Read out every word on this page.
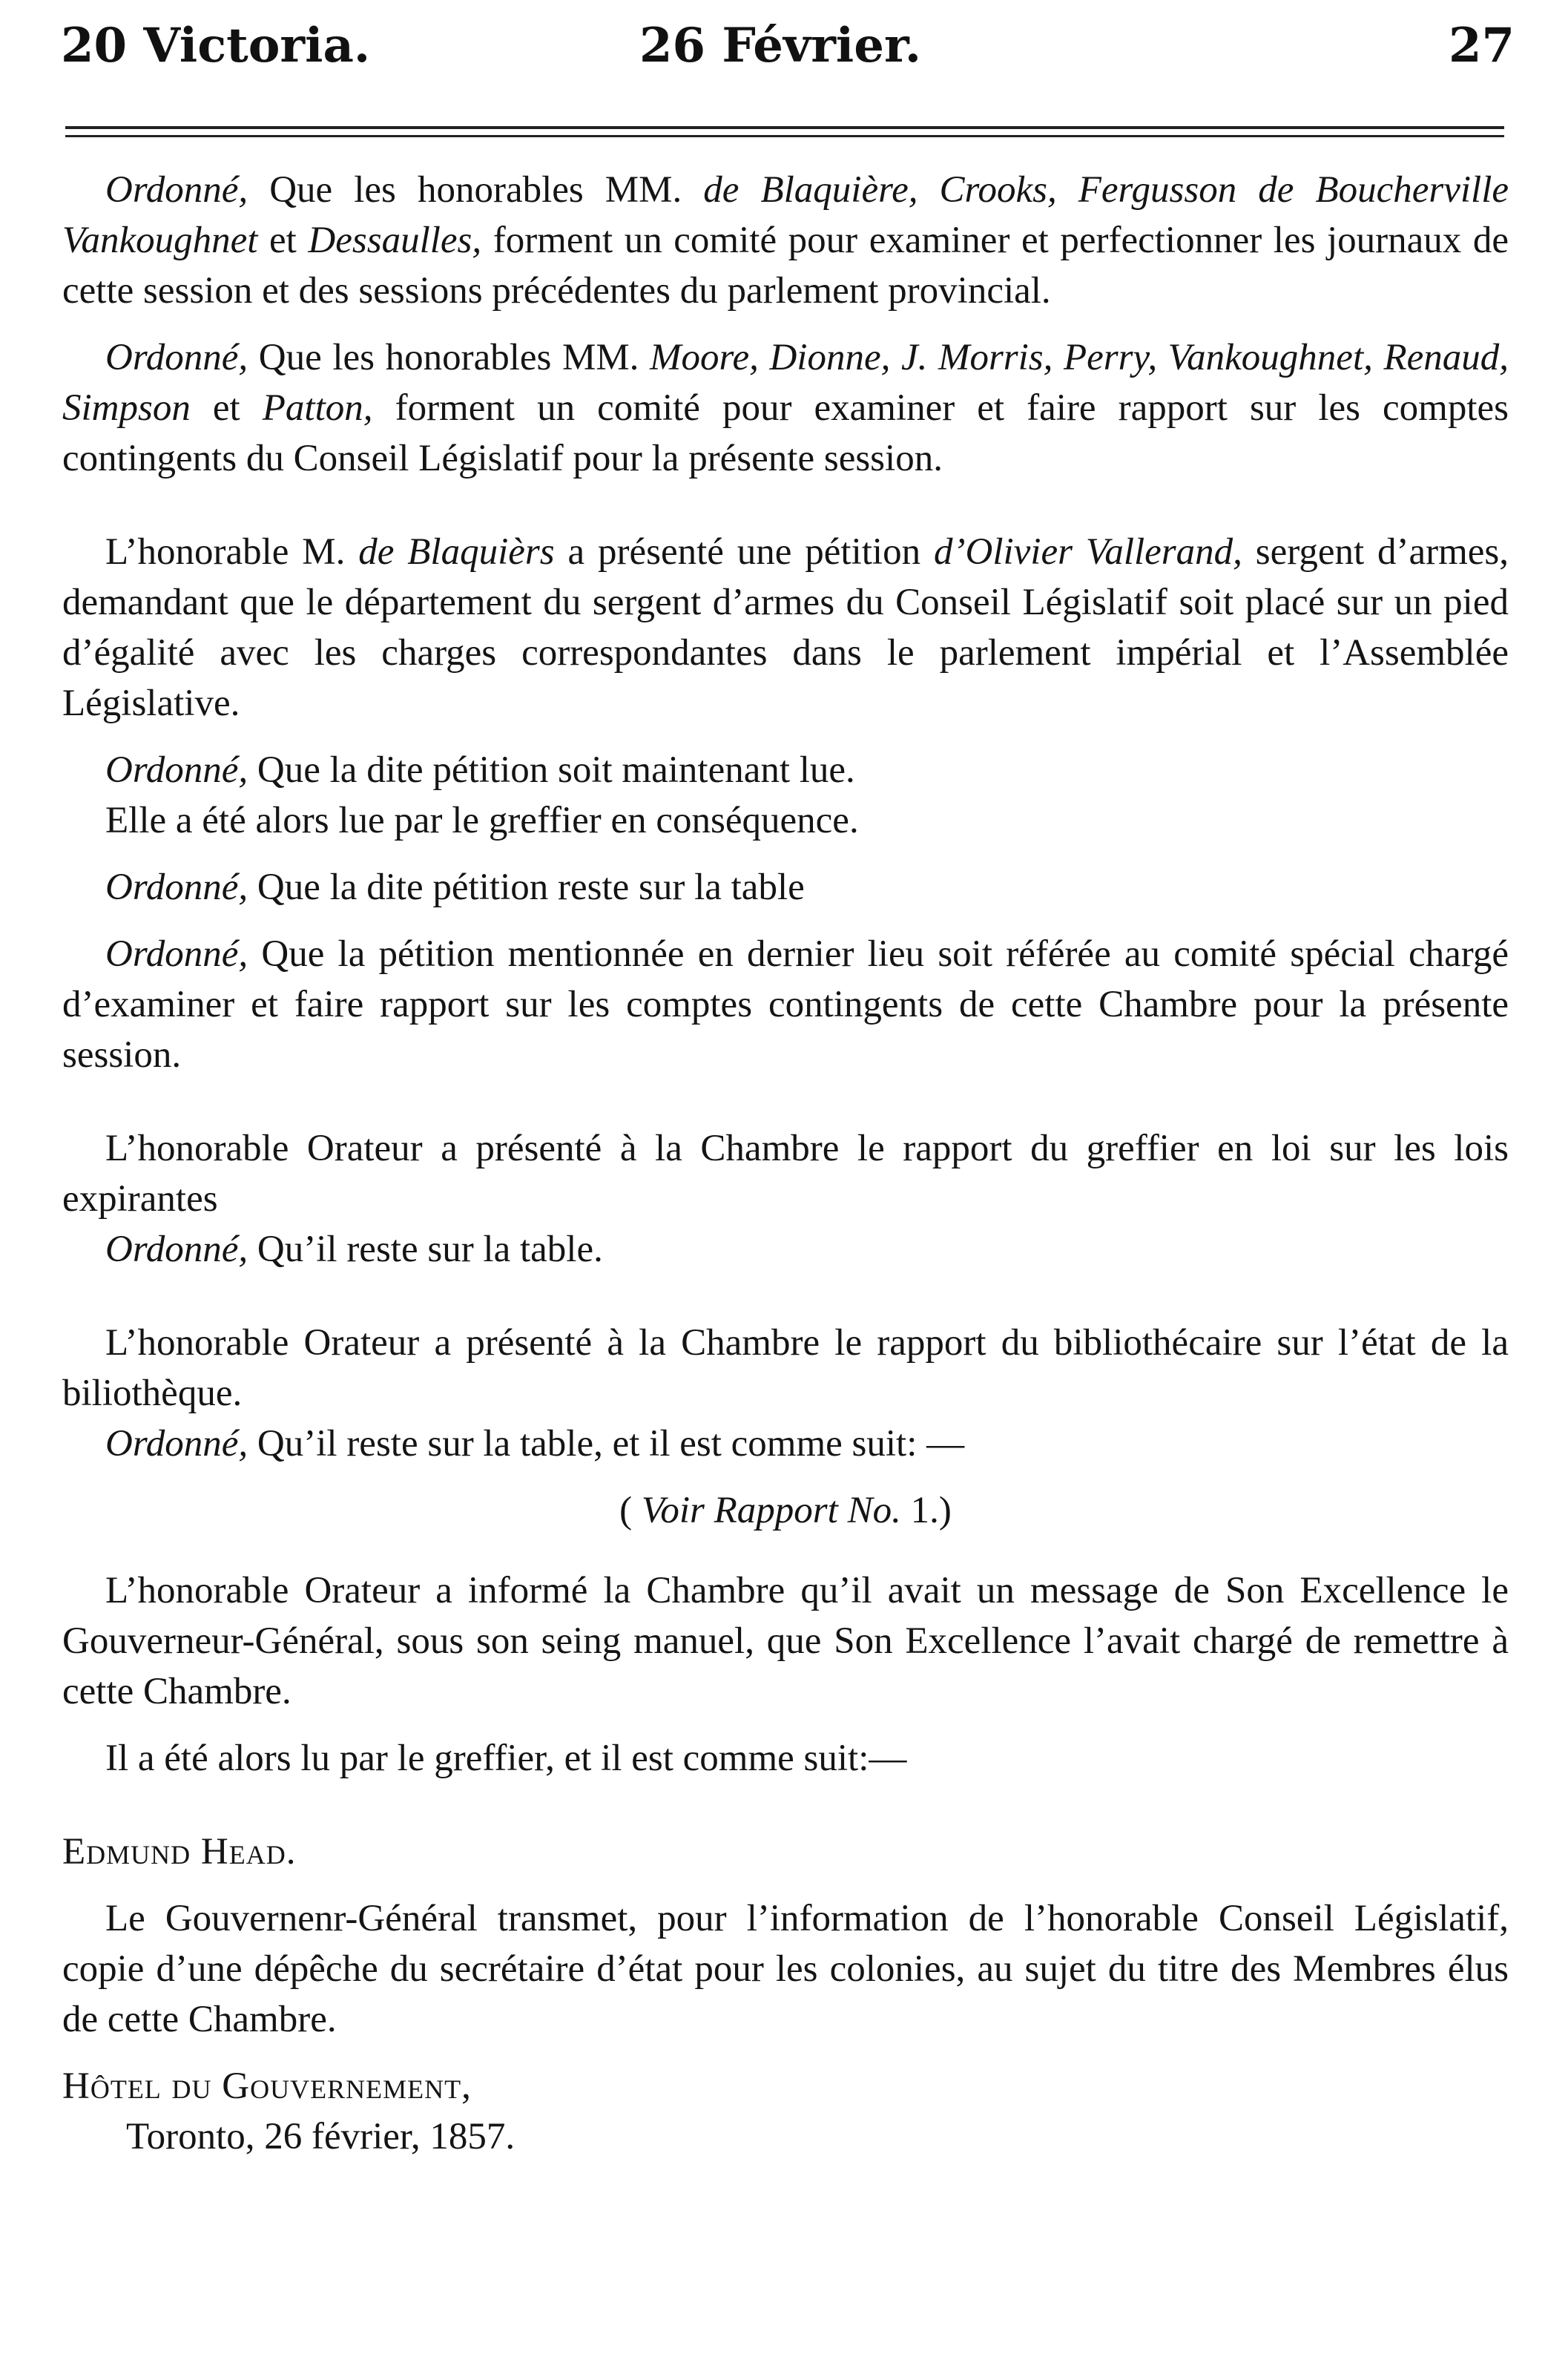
20 Victoria.	26 Février.	27

Ordonné, Que les honorables MM. de Blaquière, Crooks, Fergusson de Boucherville Vankoughnet et Dessaulles, forment un comité pour examiner et perfectionner les journaux de cette session et des sessions précédentes du parlement provincial.

Ordonné, Que les honorables MM. Moore, Dionne, J. Morris, Perry, Vankoughnet, Renaud, Simpson et Patton, forment un comité pour examiner et faire rapport sur les comptes contingents du Conseil Législatif pour la présente session.

L’honorable M. de Blaquièrs a présenté une pétition d’Olivier Vallerand, sergent d’armes, demandant que le département du sergent d’armes du Conseil Législatif soit placé sur un pied d’égalité avec les charges correspondantes dans le parlement impérial et l’Assemblée Législative.

Ordonné, Que la dite pétition soit maintenant lue.

Elle a été alors lue par le greffier en conséquence.

Ordonné, Que la dite pétition reste sur la table

Ordonné, Que la pétition mentionnée en dernier lieu soit référée au comité spécial chargé d’examiner et faire rapport sur les comptes contingents de cette Chambre pour la présente session.

L’honorable Orateur a présenté à la Chambre le rapport du greffier en loi sur les lois expirantes

Ordonné, Qu’il reste sur la table.

L’honorable Orateur a présenté à la Chambre le rapport du bibliothécaire sur l’état de la biliothèque.

Ordonné, Qu’il reste sur la table, et il est comme suit: —

( Voir Rapport No. 1.)

L’honorable Orateur a informé la Chambre qu’il avait un message de Son Excellence le Gouverneur-Général, sous son seing manuel, que Son Excellence l’avait chargé de remettre à cette Chambre.

Il a été alors lu par le greffier, et il est comme suit:—

Edmund Head.

Le Gouvernenr-Général transmet, pour l’information de l’honorable Conseil Législatif, copie d’une dépêche du secrétaire d’état pour les colonies, au sujet du titre des Membres élus de cette Chambre.

Hôtel du Gouvernement,

Toronto, 26 février, 1857.
